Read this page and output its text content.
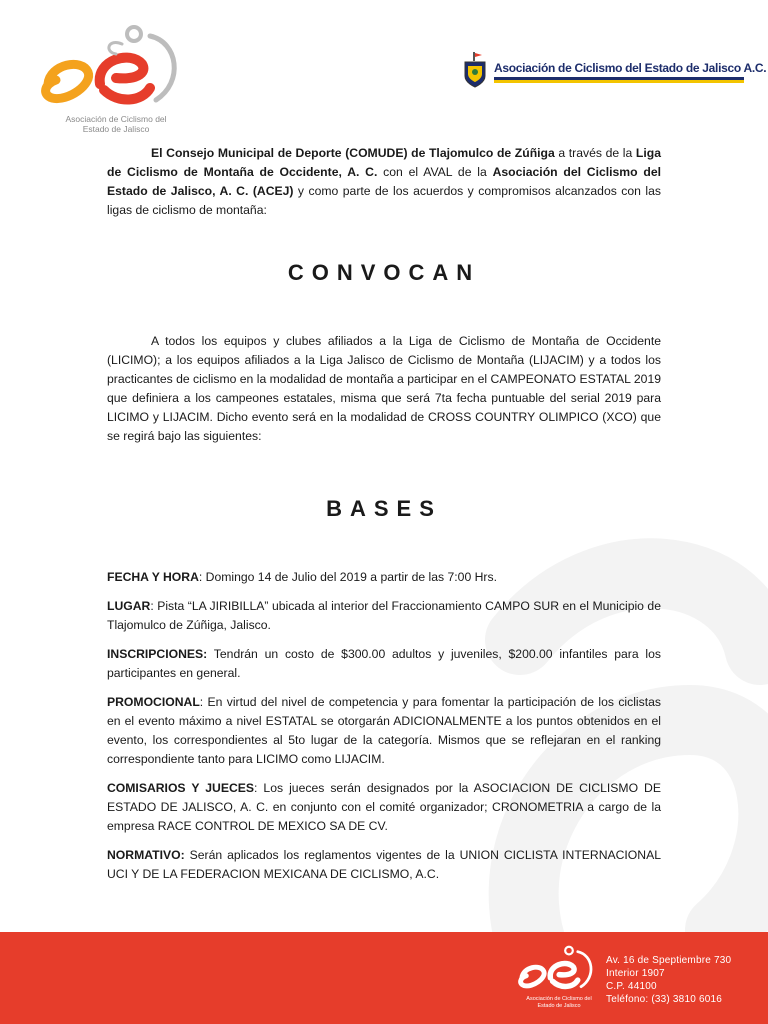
Asociación de Ciclismo del
Estado de Jalisco
Asociación de Ciclismo del Estado de Jalisco A.C.

El Consejo Municipal de Deporte (COMUDE) de Tlajomulco de Zúñiga a través de la Liga de Ciclismo de Montaña de Occidente, A. C. con el AVAL de la Asociación del Ciclismo del Estado de Jalisco, A. C. (ACEJ) y como parte de los acuerdos y compromisos alcanzados con las ligas de ciclismo de montaña:

CONVOCAN

A todos los equipos y clubes afiliados a la Liga de Ciclismo de Montaña de Occidente (LICIMO); a los equipos afiliados a la Liga Jalisco de Ciclismo de Montaña (LIJACIM) y a todos los practicantes de ciclismo en la modalidad de montaña a participar en el CAMPEONATO ESTATAL 2019 que definiera a los campeones estatales, misma que será 7ta fecha puntuable del serial 2019 para LICIMO y LIJACIM. Dicho evento será en la modalidad de CROSS COUNTRY OLIMPICO (XCO) que se regirá bajo las siguientes:

BASES

FECHA Y HORA: Domingo 14 de Julio del 2019 a partir de las 7:00 Hrs.

LUGAR: Pista “LA JIRIBILLA” ubicada al interior del Fraccionamiento CAMPO SUR en el Municipio de Tlajomulco de Zúñiga, Jalisco.

INSCRIPCIONES: Tendrán un costo de $300.00 adultos y juveniles, $200.00 infantiles para los participantes en general.

PROMOCIONAL: En virtud del nivel de competencia y para fomentar la participación de los ciclistas en el evento máximo a nivel ESTATAL se otorgarán ADICIONALMENTE a los puntos obtenidos en el evento, los correspondientes al 5to lugar de la categoría. Mismos que se reflejaran en el ranking correspondiente tanto para LICIMO como LIJACIM.

COMISARIOS Y JUECES: Los jueces serán designados por la ASOCIACION DE CICLISMO DE ESTADO DE JALISCO, A. C. en conjunto con el comité organizador; CRONOMETRIA a cargo de la empresa RACE CONTROL DE MEXICO SA DE CV.

NORMATIVO: Serán aplicados los reglamentos vigentes de la UNION CICLISTA INTERNACIONAL UCI Y DE LA FEDERACION MEXICANA DE CICLISMO, A.C.

Asociación de Ciclismo del
Estado de Jalisco
Av. 16 de Speptiembre 730
Interior 1907
C.P. 44100
Teléfono: (33) 3810 6016
